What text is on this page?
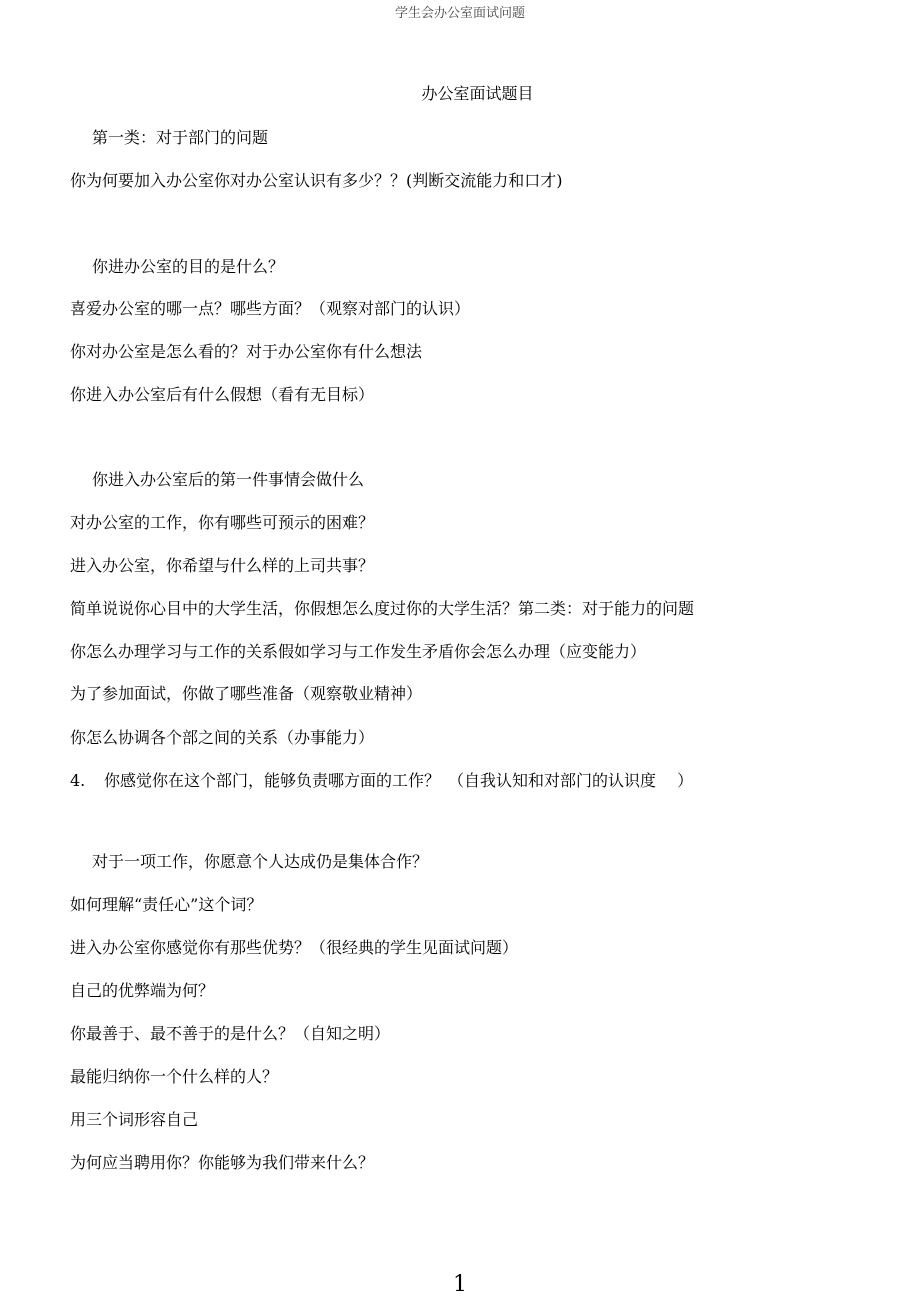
学生会办公室面试问题
办公室面试题目
第一类：对于部门的问题
你为何要加入办公室你对办公室认识有多少？？(判断交流能力和口才)
你进办公室的目的是什么？
喜爱办公室的哪一点？哪些方面？（观察对部门的认识）
你对办公室是怎么看的？对于办公室你有什么想法
你进入办公室后有什么假想（看有无目标）
你进入办公室后的第一件事情会做什么
对办公室的工作，你有哪些可预示的困难？
进入办公室，你希望与什么样的上司共事？
简单说说你心目中的大学生活，你假想怎么度过你的大学生活？第二类：对于能力的问题
你怎么办理学习与工作的关系假如学习与工作发生矛盾你会怎么办理（应变能力）
为了参加面试，你做了哪些准备（观察敬业精神）
你怎么协调各个部之间的关系（办事能力）
4. 你感觉你在这个部门，能够负责哪方面的工作？　（自我认知和对部门的认识度　 ）
对于一项工作，你愿意个人达成仍是集体合作？
如何理解“责任心”这个词？
进入办公室你感觉你有那些优势？（很经典的学生见面试问题）
自己的优弊端为何？
你最善于、最不善于的是什么？（自知之明）
最能归纳你一个什么样的人？
用三个词形容自己
为何应当聘用你？你能够为我们带来什么？
1
